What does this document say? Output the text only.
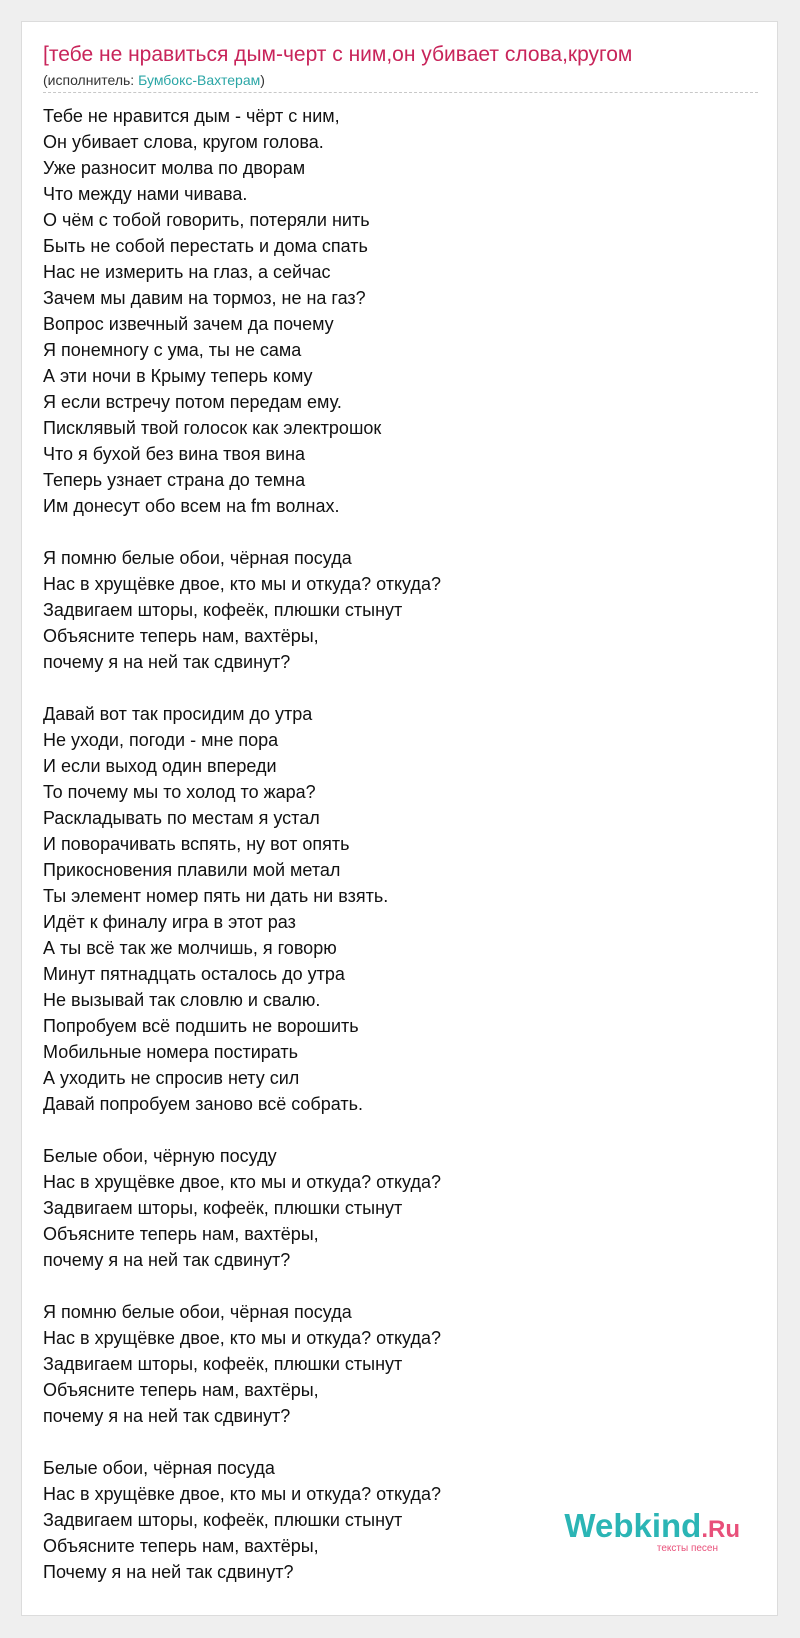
[тебе не нравиться дым-черт с ним,он убивает слова,кругом
(исполнитель: Бумбокс-Вахтерам)
Тебе не нравится дым - чёрт с ним,
Он убивает слова, кругом голова.
Уже разносит молва по дворам
Что между нами чивава.
О чём с тобой говорить, потеряли нить
Быть не собой перестать и дома спать
Нас не измерить на глаз, а сейчас
Зачем мы давим на тормоз, не на газ?
Вопрос извечный зачем да почему
Я понемногу с ума, ты не сама
А эти ночи в Крыму теперь кому
Я если встречу потом передам ему.
Писклявый твой голосок как электрошок
Что я бухой без вина твоя вина
Теперь узнает страна до темна
Им донесут обо всем на fm волнах.
Я помню белые обои, чёрная посуда
Нас в хрущёвке двое, кто мы и откуда? откуда?
Задвигаем шторы, кофеёк, плюшки стынут
Объясните теперь нам, вахтёры,
почему я на ней так сдвинут?
Давай вот так просидим до утра
Не уходи, погоди - мне пора
И если выход один впереди
То почему мы то холод то жара?
Раскладывать по местам я устал
И поворачивать вспять, ну вот опять
Прикосновения плавили мой метал
Ты элемент номер пять ни дать ни взять.
Идёт к финалу игра в этот раз
А ты всё так же молчишь, я говорю
Минут пятнадцать осталось до утра
Не вызывай так словлю и свалю.
Попробуем всё подшить не ворошить
Мобильные номера постирать
А уходить не спросив нету сил
Давай попробуем заново всё собрать.
Белые обои, чёрную посуду
Нас в хрущёвке двое, кто мы и откуда? откуда?
Задвигаем шторы, кофеёк, плюшки стынут
Объясните теперь нам, вахтёры,
почему я на ней так сдвинут?
Я помню белые обои, чёрная посуда
Нас в хрущёвке двое, кто мы и откуда? откуда?
Задвигаем шторы, кофеёк, плюшки стынут
Объясните теперь нам, вахтёры,
почему я на ней так сдвинут?
Белые обои, чёрная посуда
Нас в хрущёвке двое, кто мы и откуда? откуда?
Задвигаем шторы, кофеёк, плюшки стынут
Объясните теперь нам, вахтёры,
Почему я на ней так сдвинут?
Webkind.Ru
тексты песен
